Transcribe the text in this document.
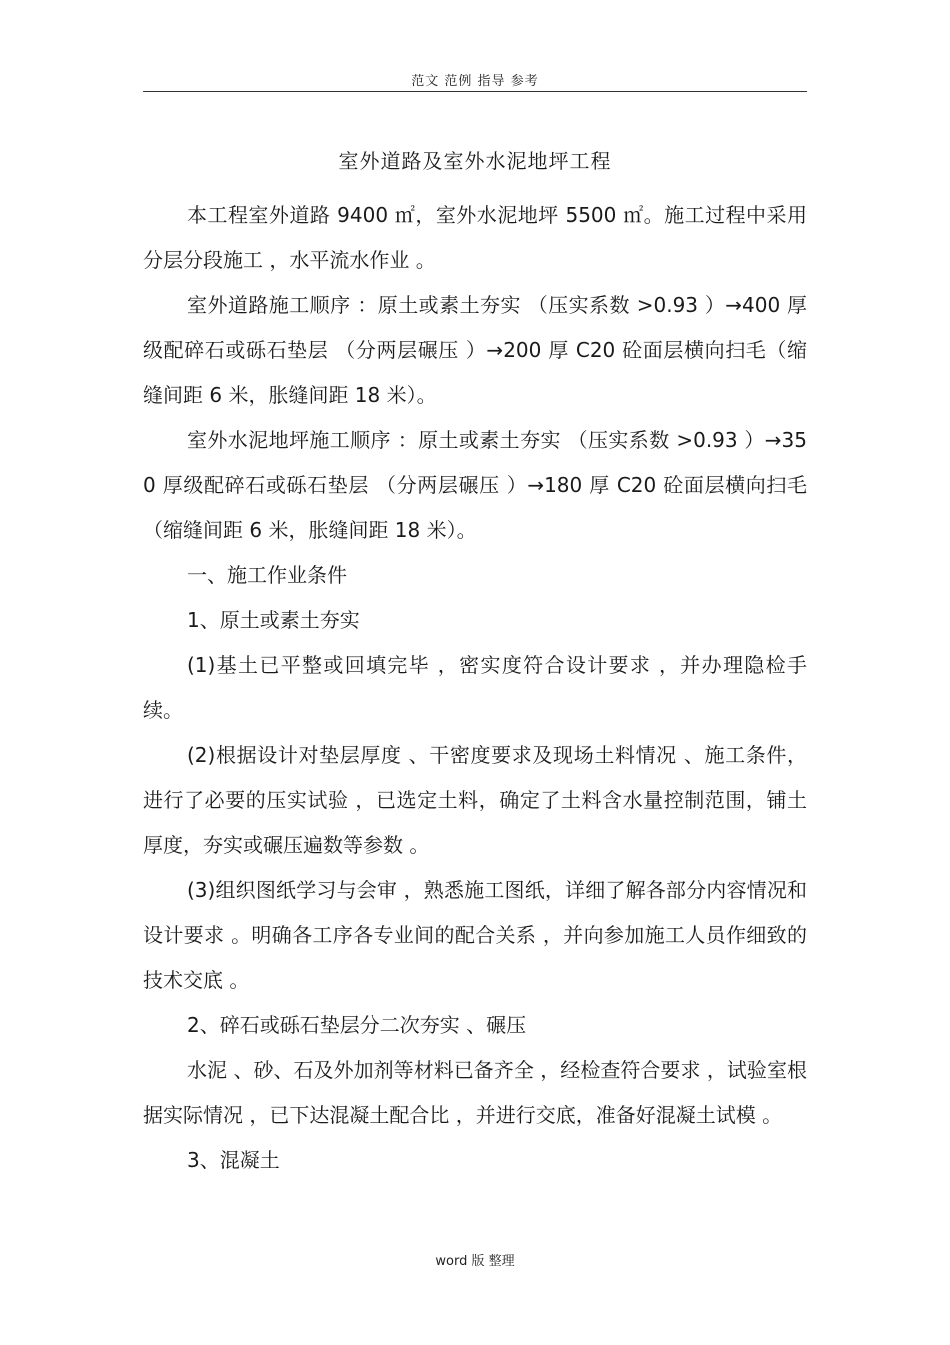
范文 范例 指导 参考
室外道路及室外水泥地坪工程

本工程室外道路 9400 ㎡，室外水泥地坪 5500 ㎡。施工过程中采用分层分段施工 ，水平流水作业 。

室外道路施工顺序 ：原土或素土夯实 （压实系数 >0.93 ）→400 厚级配碎石或砾石垫层 （分两层碾压 ）→200 厚 C20 砼面层横向扫毛（缩缝间距 6 米，胀缝间距 18 米）。

室外水泥地坪施工顺序 ：原土或素土夯实 （压实系数 >0.93 ）→350 厚级配碎石或砾石垫层 （分两层碾压 ）→180 厚 C20 砼面层横向扫毛（缩缝间距 6 米，胀缝间距 18 米）。

一、施工作业条件

1、原土或素土夯实

(1)基土已平整或回填完毕 ，密实度符合设计要求 ，并办理隐检手续。

(2)根据设计对垫层厚度 、干密度要求及现场土料情况 、施工条件，进行了必要的压实试验 ，已选定土料，确定了土料含水量控制范围，铺土厚度，夯实或碾压遍数等参数 。

(3)组织图纸学习与会审 ，熟悉施工图纸，详细了解各部分内容情况和设计要求 。明确各工序各专业间的配合关系 ，并向参加施工人员作细致的技术交底 。

2、碎石或砾石垫层分二次夯实 、碾压

水泥 、砂、石及外加剂等材料已备齐全 ，经检查符合要求 ，试验室根据实际情况 ，已下达混凝土配合比 ，并进行交底，准备好混凝土试模 。

3、混凝土

word 版 整理
